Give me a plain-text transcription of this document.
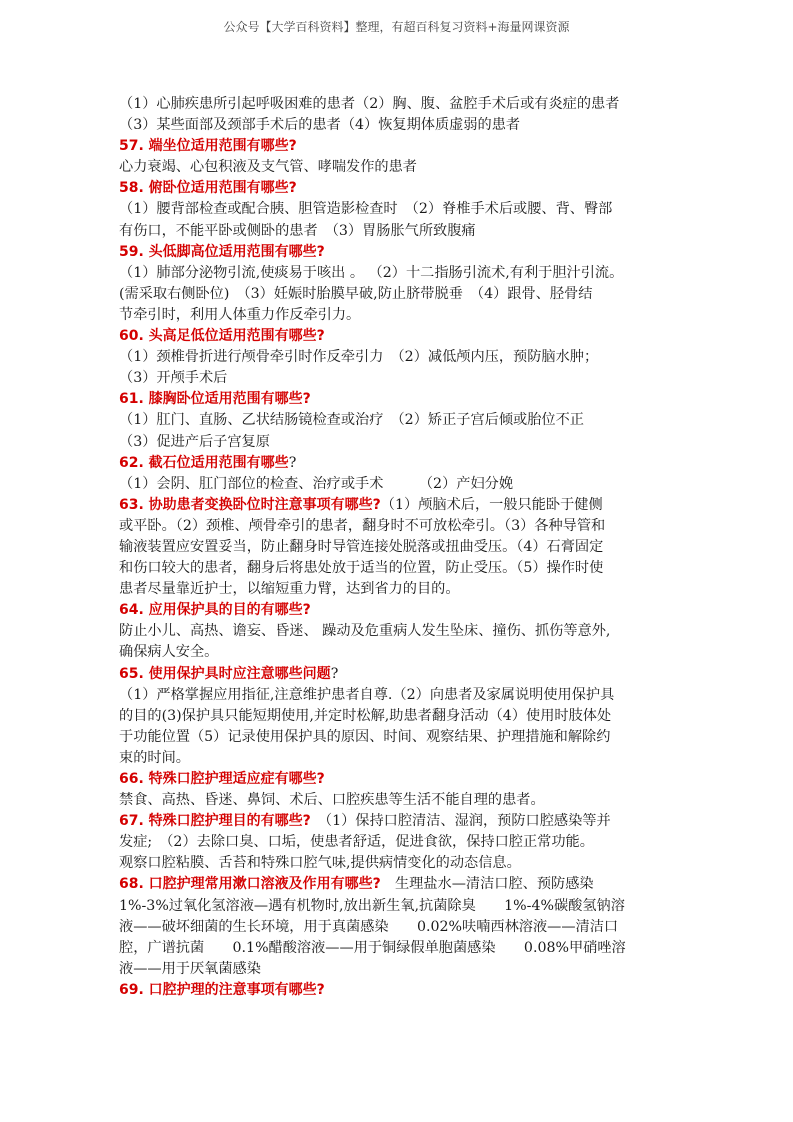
公众号【大学百科资料】整理，有超百科复习资料+海量网课资源
（1）心肺疾患所引起呼吸困难的患者（2）胸、腹、盆腔手术后或有炎症的患者
（3）某些面部及颈部手术后的患者（4）恢复期体质虚弱的患者
57. 端坐位适用范围有哪些?
心力衰竭、心包积液及支气管、哮喘发作的患者
58. 俯卧位适用范围有哪些?
（1）腰背部检查或配合胰、胆管造影检查时　（2）脊椎手术后或腰、背、臀部
有伤口，不能平卧或侧卧的患者　（3）胃肠胀气所致腹痛
59. 头低脚高位适用范围有哪些?
（1）肺部分泌物引流,使痰易于咳出 。 （2）十二指肠引流术,有利于胆汁引流。
(需采取右侧卧位)　（3）妊娠时胎膜早破,防止脐带脱垂　（4）跟骨、胫骨结
节牵引时，利用人体重力作反牵引力。
60. 头高足低位适用范围有哪些?
（1）颈椎骨折进行颅骨牵引时作反牵引力　（2）减低颅内压，预防脑水肿；
（3）开颅手术后
61. 膝胸卧位适用范围有哪些?
（1）肛门、直肠、乙状结肠镜检查或治疗　（2）矫正子宫后倾或胎位不正
（3）促进产后子宫复原
62. 截石位适用范围有哪些?
（1）会阴、肛门部位的检查、治疗或手术　　　（2）产妇分娩
63. 协助患者变换卧位时注意事项有哪些?（1）颅脑术后，一般只能卧于健侧
或平卧。（2）颈椎、颅骨牵引的患者，翻身时不可放松牵引。（3）各种导管和
输液装置应安置妥当，防止翻身时导管连接处脱落或扭曲受压。（4）石膏固定
和伤口较大的患者，翻身后将患处放于适当的位置，防止受压。（5）操作时使
患者尽量靠近护士，以缩短重力臂，达到省力的目的。
64. 应用保护具的目的有哪些?
防止小儿、高热、谵妄、昏迷、 躁动及危重病人发生坠床、撞伤、抓伤等意外,
确保病人安全。
65. 使用保护具时应注意哪些问题?
（1）严格掌握应用指征,注意维护患者自尊.（2）向患者及家属说明使用保护具
的目的(3)保护具只能短期使用,并定时松解,助患者翻身活动（4）使用时肢体处
于功能位置（5）记录使用保护具的原因、时间、观察结果、护理措施和解除约
束的时间。
66. 特殊口腔护理适应症有哪些?
禁食、高热、昏迷、鼻饲、术后、口腔疾患等生活不能自理的患者。
67. 特殊口腔护理目的有哪些?　（1）保持口腔清洁、湿润，预防口腔感染等并
发症;　（2）去除口臭、口垢，使患者舒适，促进食欲，保持口腔正常功能。
观察口腔粘膜、舌苔和特殊口腔气味,提供病情变化的动态信息。
68. 口腔护理常用漱口溶液及作用有哪些?　生理盐水—清洁口腔、预防感染
1%-3%过氧化氢溶液—遇有机物时,放出新生氧,抗菌除臭　　1%-4%碳酸氢钠溶
液——破坏细菌的生长环境，用于真菌感染　　0.02%呋喃西林溶液——清洁口
腔，广谱抗菌　　0.1%醋酸溶液——用于铜绿假单胞菌感染　　0.08%甲硝唑溶
液——用于厌氧菌感染
69. 口腔护理的注意事项有哪些?
